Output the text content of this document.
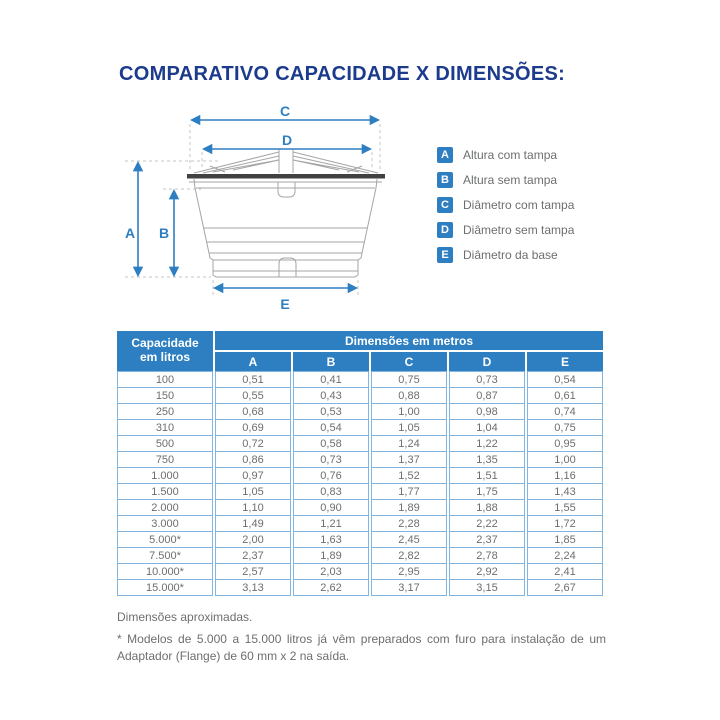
COMPARATIVO CAPACIDADE X DIMENSÕES:
C
D
A B
E
A	Altura com tampa
B	Altura sem tampa
C	Diâmetro com tampa
D	Diâmetro sem tampa
E	Diâmetro da base
Capacidade
em litros	Dimensões em metros				
	A	B	C	D	E
100	0,51	0,41	0,75	0,73	0,54
150	0,55	0,43	0,88	0,87	0,61
250	0,68	0,53	1,00	0,98	0,74
310	0,69	0,54	1,05	1,04	0,75
500	0,72	0,58	1,24	1,22	0,95
750	0,86	0,73	1,37	1,35	1,00
1.000	0,97	0,76	1,52	1,51	1,16
1.500	1,05	0,83	1,77	1,75	1,43
2.000	1,10	0,90	1,89	1,88	1,55
3.000	1,49	1,21	2,28	2,22	1,72
5.000*	2,00	1,63	2,45	2,37	1,85
7.500*	2,37	1,89	2,82	2,78	2,24
10.000*	2,57	2,03	2,95	2,92	2,41
15.000*	3,13	2,62	3,17	3,15	2,67
Dimensões aproximadas.
* Modelos de 5.000 a 15.000 litros já vêm preparados com furo para instalação de um Adaptador (Flange) de 60 mm x 2 na saída.
